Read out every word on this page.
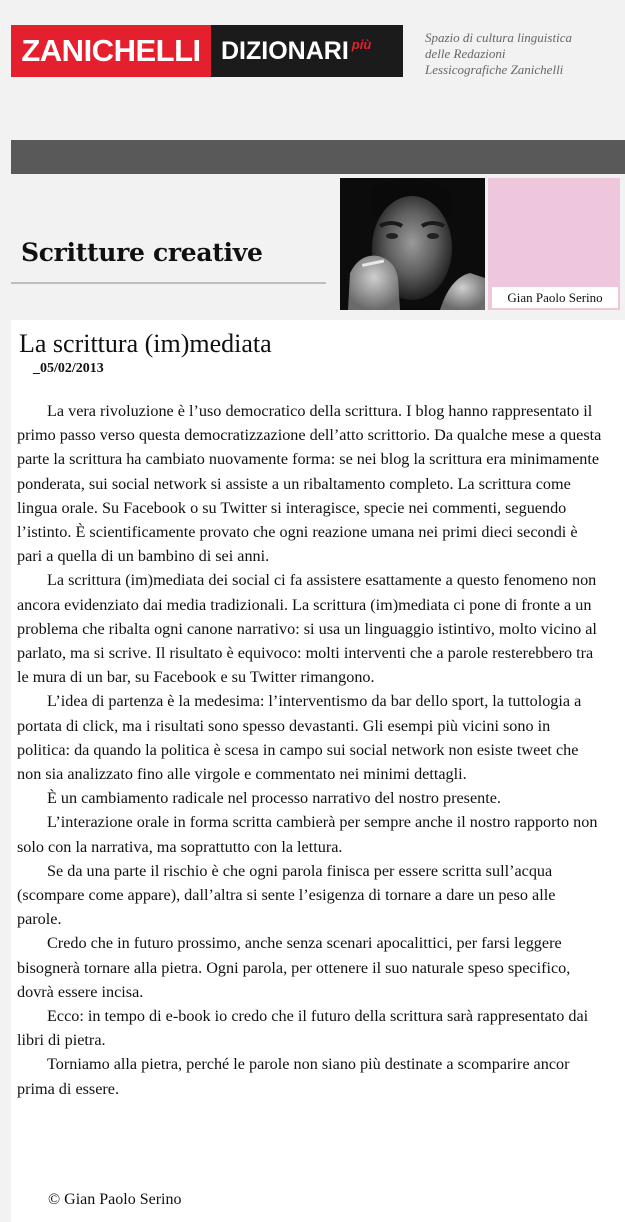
ZANICHELLI DIZIONARI $^{più}$	Spazio di cultura linguistica delle Redazioni Lessicografiche Zanichelli
Scritture creative
Gian Paolo Serino
La scrittura (im)mediata
_05/02/2013

La vera rivoluzione è l’uso democratico della scrittura. I blog hanno rappresentato il primo passo verso questa democratizzazione dell’atto scrittorio. Da qualche mese a questa parte la scrittura ha cambiato nuovamente forma: se nei blog la scrittura era minimamente ponderata, sui social network si assiste a un ribaltamento completo. La scrittura come lingua orale. Su Facebook o su Twitter si interagisce, specie nei commenti, seguendo l’istinto. È scientificamente provato che ogni reazione umana nei primi dieci secondi è pari a quella di un bambino di sei anni.

La scrittura (im)mediata dei social ci fa assistere esattamente a questo fenomeno non ancora evidenziato dai media tradizionali. La scrittura (im)mediata ci pone di fronte a un problema che ribalta ogni canone narrativo: si usa un linguaggio istintivo, molto vicino al parlato, ma si scrive. Il risultato è equivoco: molti interventi che a parole resterebbero tra le mura di un bar, su Facebook e su Twitter rimangono.

L’idea di partenza è la medesima: l’interventismo da bar dello sport, la tuttologia a portata di click, ma i risultati sono spesso devastanti. Gli esempi più vicini sono in politica: da quando la politica è scesa in campo sui social network non esiste tweet che non sia analizzato fino alle virgole e commentato nei minimi dettagli.

È un cambiamento radicale nel processo narrativo del nostro presente.

L’interazione orale in forma scritta cambierà per sempre anche il nostro rapporto non solo con la narrativa, ma soprattutto con la lettura.

Se da una parte il rischio è che ogni parola finisca per essere scritta sull’acqua (scompare come appare), dall’altra si sente l’esigenza di tornare a dare un peso alle parole.

Credo che in futuro prossimo, anche senza scenari apocalittici, per farsi leggere bisognerà tornare alla pietra. Ogni parola, per ottenere il suo naturale speso specifico, dovrà essere incisa.

Ecco: in tempo di e-book io credo che il futuro della scrittura sarà rappresentato dai libri di pietra.

Torniamo alla pietra, perché le parole non siano più destinate a scomparire ancor prima di essere.

© Gian Paolo Serino
